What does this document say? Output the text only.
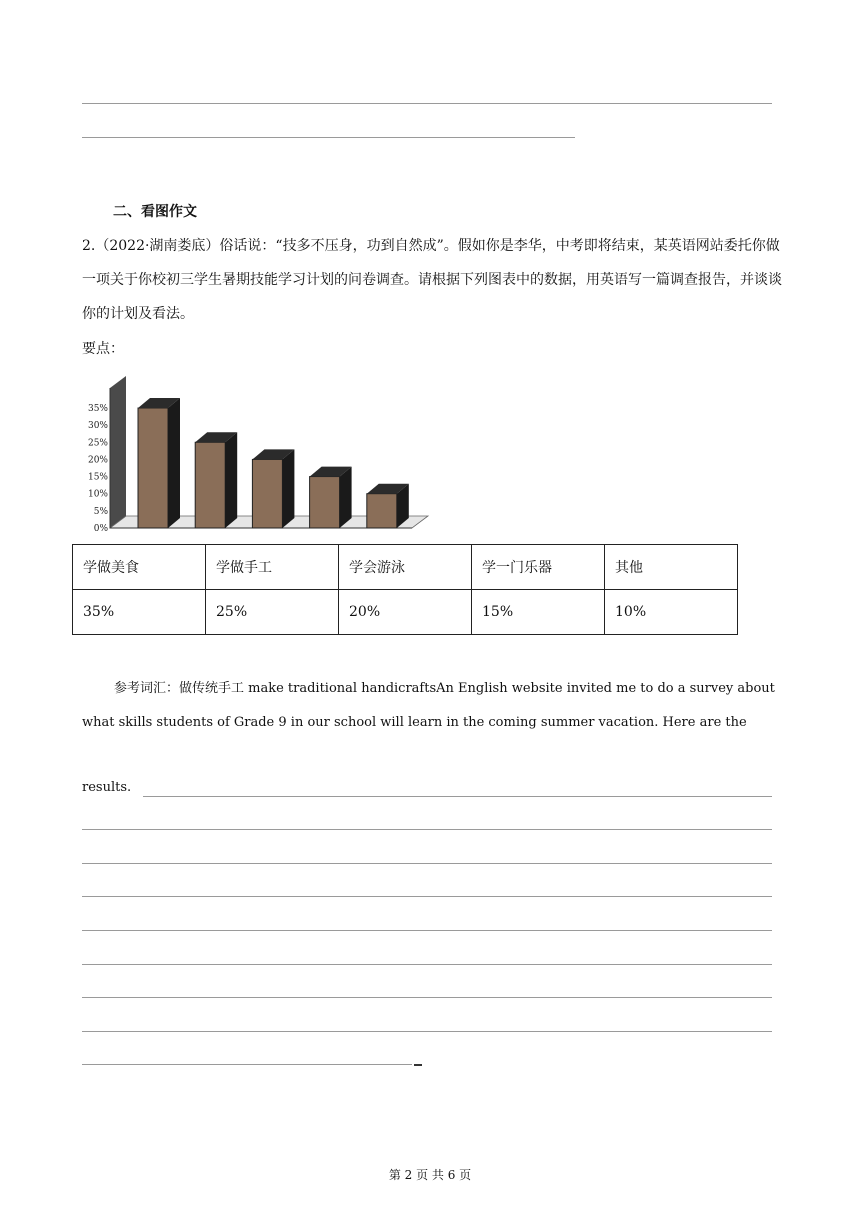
二、看图作文
2.（2022·湖南娄底）俗话说：“技多不压身，功到自然成”。假如你是李华，中考即将结束，某英语网站委托你做一项关于你校初三学生暑期技能学习计划的问卷调查。请根据下列图表中的数据，用英语写一篇调查报告，并谈谈你的计划及看法。
要点：
0%
5%
10%
15%
20%
25%
30%
35%
学做美食	学做手工	学会游泳	学一门乐器	其他
35%	25%	20%	15%	10%
参考词汇：做传统手工 make traditional handicraftsAn English website invited me to do a survey about what skills students of Grade 9 in our school will learn in the coming summer vacation. Here are the
results.
第 2 页 共 6 页
